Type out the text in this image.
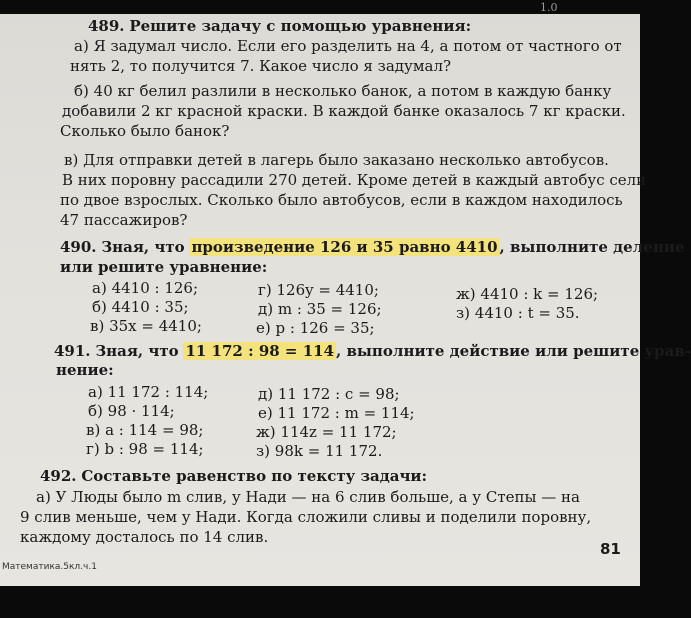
1.0
489. Решите задачу с помощью уравнения:
а) Я задумал число. Если его разделить на 4, а потом от частного от
нять 2, то получится 7. Какое число я задумал?
б) 40 кг белил разлили в несколько банок, а потом в каждую банку
добавили 2 кг красной краски. В каждой банке оказалось 7 кг краски.
Сколько было банок?
в) Для отправки детей в лагерь было заказано несколько автобусов.
В них поровну рассадили 270 детей. Кроме детей в каждый автобус сели
по двое взрослых. Сколько было автобусов, если в каждом находилось
47 пассажиров?
490. Зная, что произведение 126 и 35 равно 4410 , выполните деление
или решите уравнение:
а) 4410 : 126;
б) 4410 : 35;
в) 35x = 4410;
г) 126y = 4410;
д) m : 35 = 126;
е) p : 126 = 35;
ж) 4410 : k = 126;
з) 4410 : t = 35.
491. Зная, что 11 172 : 98 = 114 , выполните действие или решите урав-
нение:
а) 11 172 : 114;
б) 98 · 114;
в) a : 114 = 98;
г) b : 98 = 114;
д) 11 172 : c = 98;
е) 11 172 : m = 114;
ж) 114z = 11 172;
з) 98k = 11 172.
492. Составьте равенство по тексту задачи:
а) У Люды было m слив, у Нади — на 6 слив больше, а у Степы — на
9 слив меньше, чем у Нади. Когда сложили сливы и поделили поровну,
каждому досталось по 14 слив.
81
Математика.5кл.ч.1
